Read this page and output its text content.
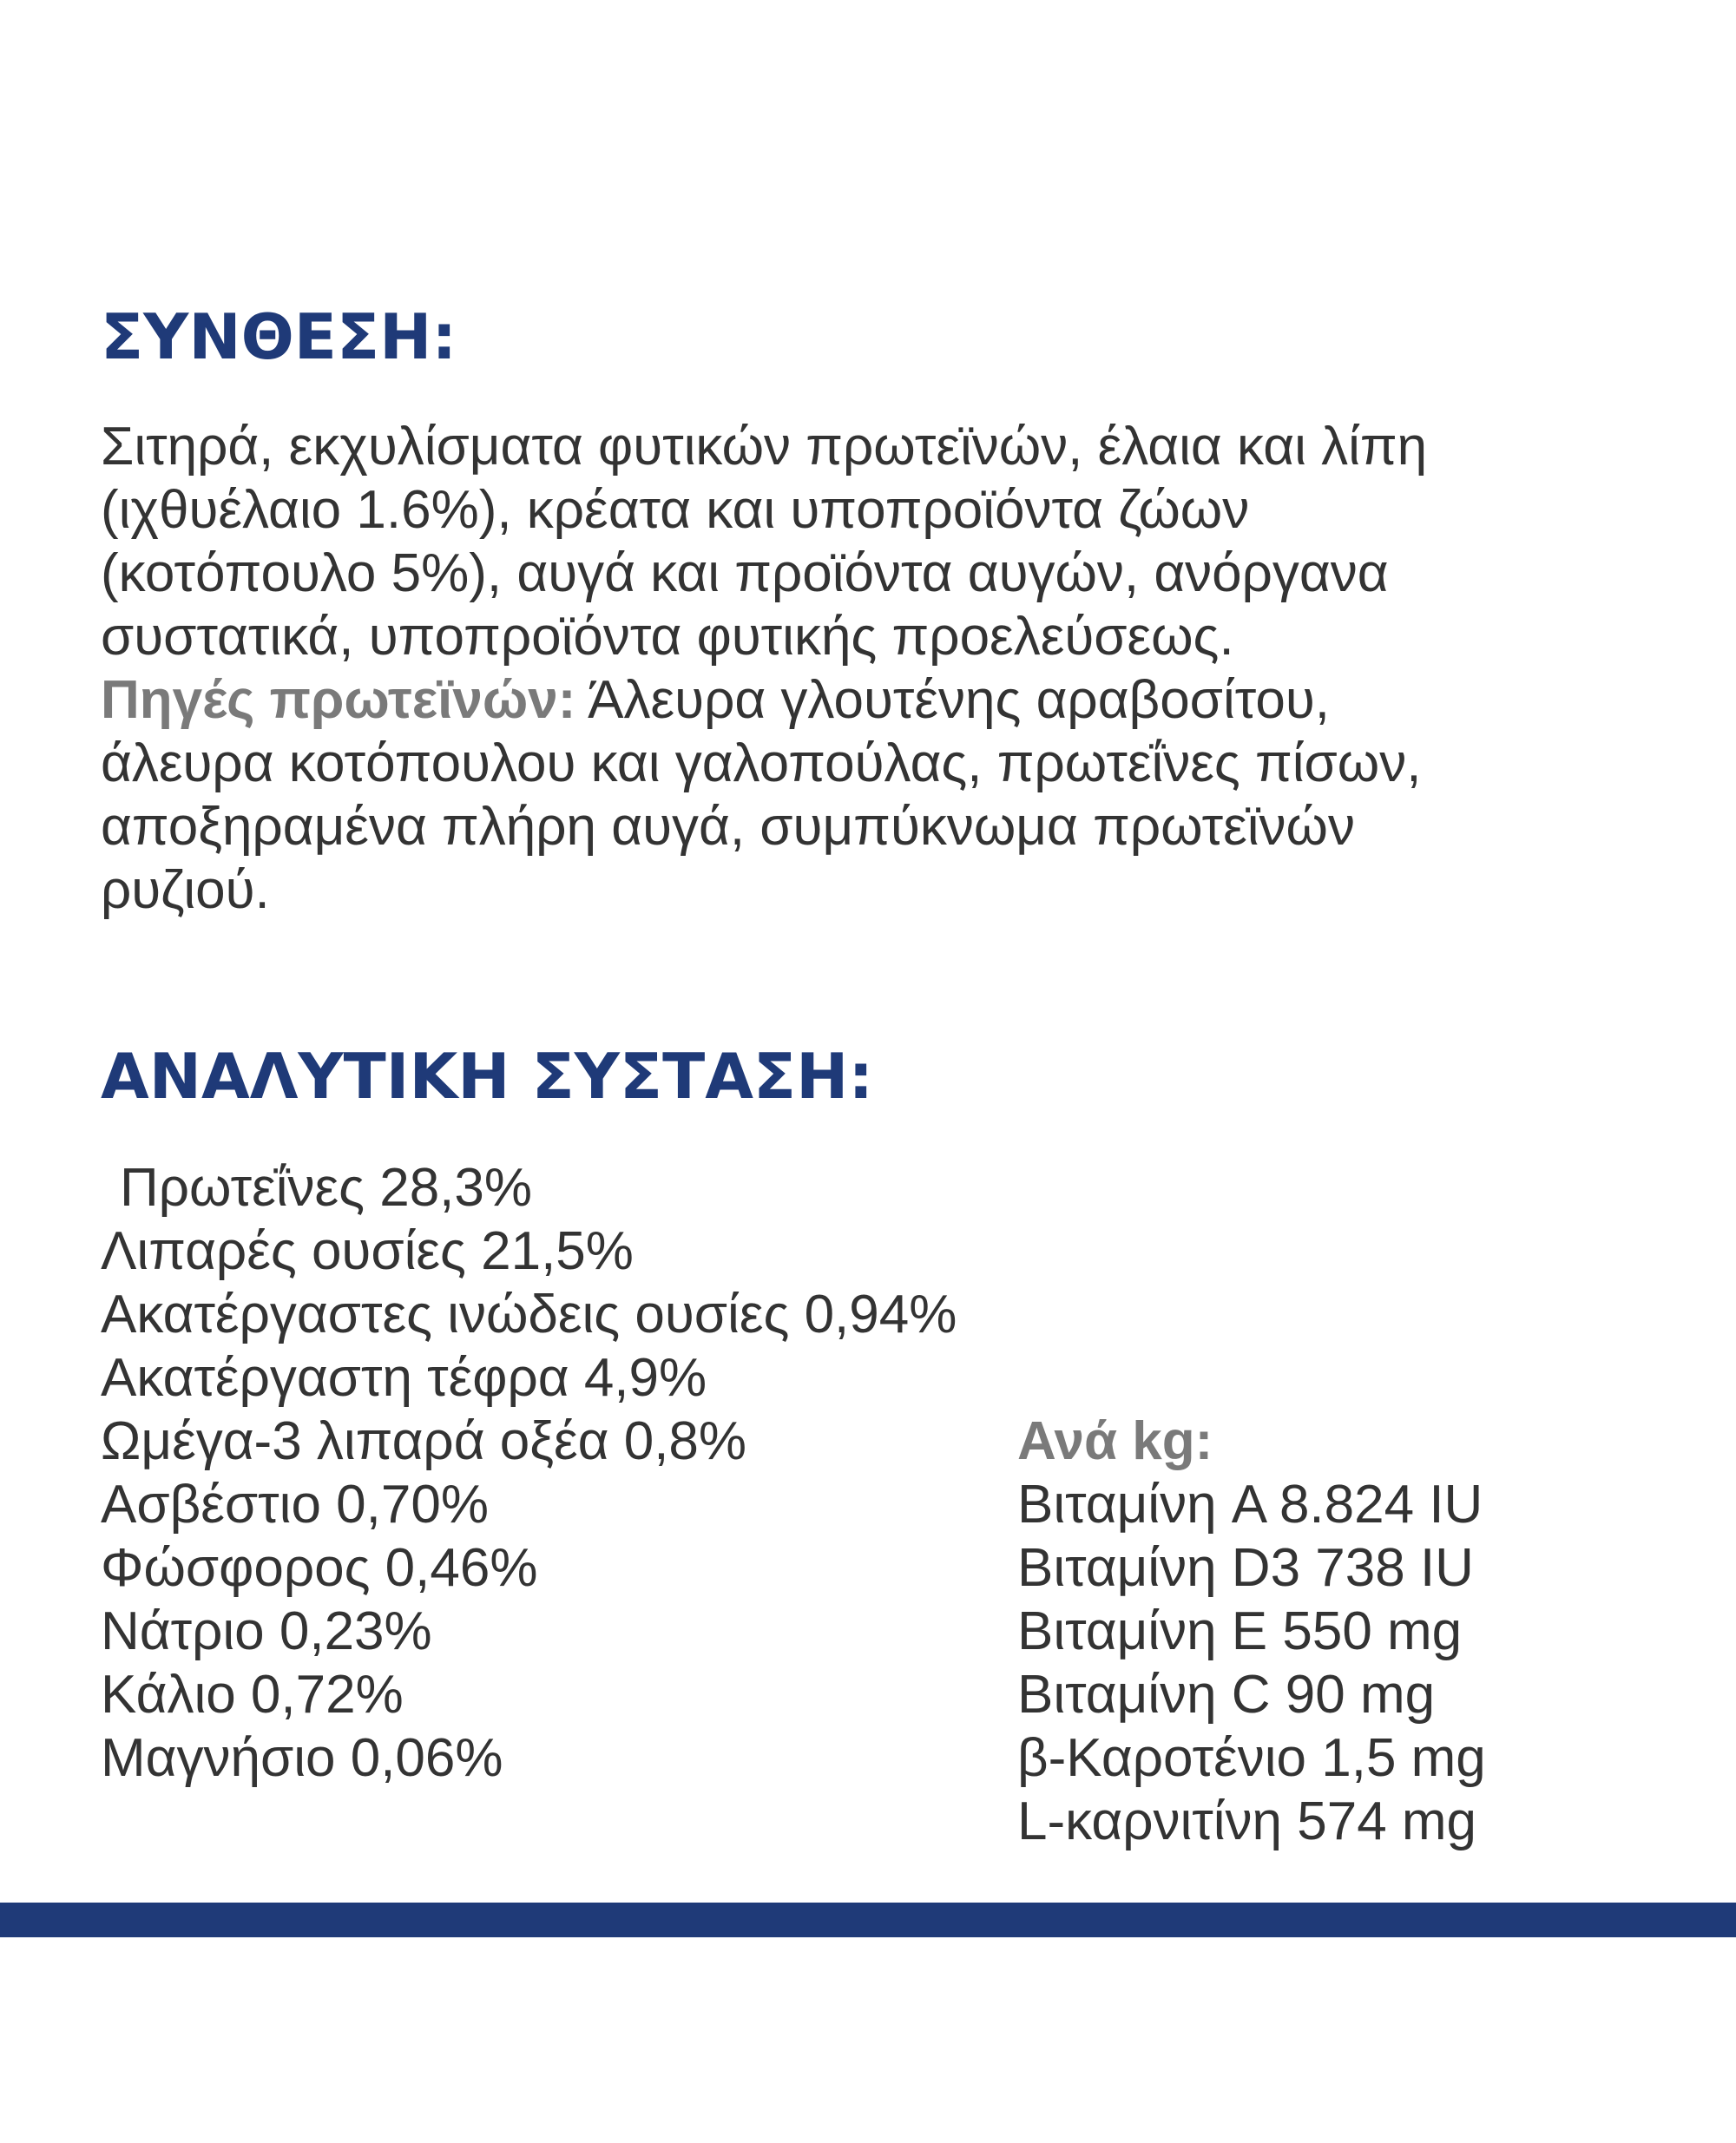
ΣΥΝΘΕΣΗ:
Σιτηρά, εκχυλίσματα φυτικών πρωτεϊνών, έλαια και λίπη
(ιχθυέλαιο 1.6%), κρέατα και υποπροϊόντα ζώων
(κοτόπουλο 5%), αυγά και προϊόντα αυγών, ανόργανα
συστατικά, υποπροϊόντα φυτικής προελεύσεως.
Πηγές πρωτεϊνών: Άλευρα γλουτένης αραβοσίτου,
άλευρα κοτόπουλου και γαλοπούλας, πρωτεΐνες πίσων,
αποξηραμένα πλήρη αυγά, συμπύκνωμα πρωτεϊνών
ρυζιού.
ΑΝΑΛΥΤΙΚΗ ΣΥΣΤΑΣΗ:
Πρωτεΐνες 28,3%
Λιπαρές ουσίες 21,5%
Ακατέργαστες ινώδεις ουσίες 0,94%
Ακατέργαστη τέφρα 4,9%
Ωμέγα-3 λιπαρά οξέα 0,8%
Ασβέστιο 0,70%
Φώσφορος 0,46%
Νάτριο 0,23%
Κάλιο 0,72%
Μαγνήσιο 0,06%
Ανά kg:
Βιταμίνη A 8.824 IU
Βιταμίνη D3 738 IU
Βιταμίνη E 550 mg
Βιταμίνη C 90 mg
β-Καροτένιο 1,5 mg
L-καρνιτίνη 574 mg
